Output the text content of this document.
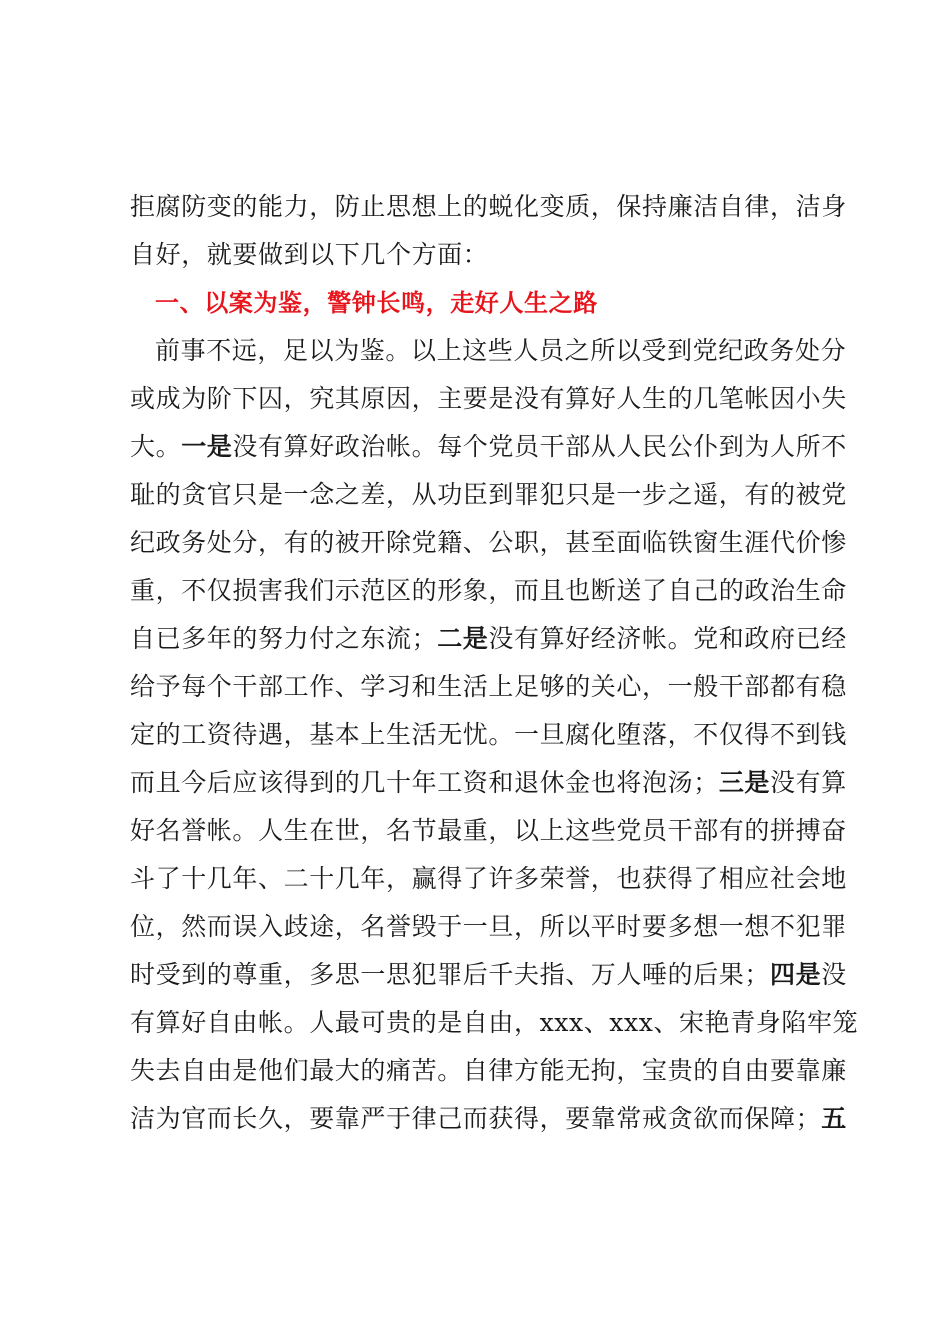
拒腐防变的能力，防止思想上的蜕化变质，保持廉洁自律，洁身
自好，就要做到以下几个方面：
一、以案为鉴，警钟长鸣，走好人生之路
前事不远，足以为鉴。以上这些人员之所以受到党纪政务处分
或成为阶下囚，究其原因，主要是没有算好人生的几笔帐因小失
大。一是没有算好政治帐。每个党员干部从人民公仆到为人所不
耻的贪官只是一念之差，从功臣到罪犯只是一步之遥，有的被党
纪政务处分，有的被开除党籍、公职，甚至面临铁窗生涯代价惨
重，不仅损害我们示范区的形象，而且也断送了自己的政治生命
自已多年的努力付之东流；二是没有算好经济帐。党和政府已经
给予每个干部工作、学习和生活上足够的关心，一般干部都有稳
定的工资待遇，基本上生活无忧。一旦腐化堕落，不仅得不到钱
而且今后应该得到的几十年工资和退休金也将泡汤；三是没有算
好名誉帐。人生在世，名节最重，以上这些党员干部有的拼搏奋
斗了十几年、二十几年，赢得了许多荣誉，也获得了相应社会地
位，然而误入歧途，名誉毁于一旦，所以平时要多想一想不犯罪
时受到的尊重，多思一思犯罪后千夫指、万人唾的后果；四是没
有算好自由帐。人最可贵的是自由，xxx、xxx、宋艳青身陷牢笼
失去自由是他们最大的痛苦。自律方能无拘，宝贵的自由要靠廉
洁为官而长久，要靠严于律己而获得，要靠常戒贪欲而保障；五
